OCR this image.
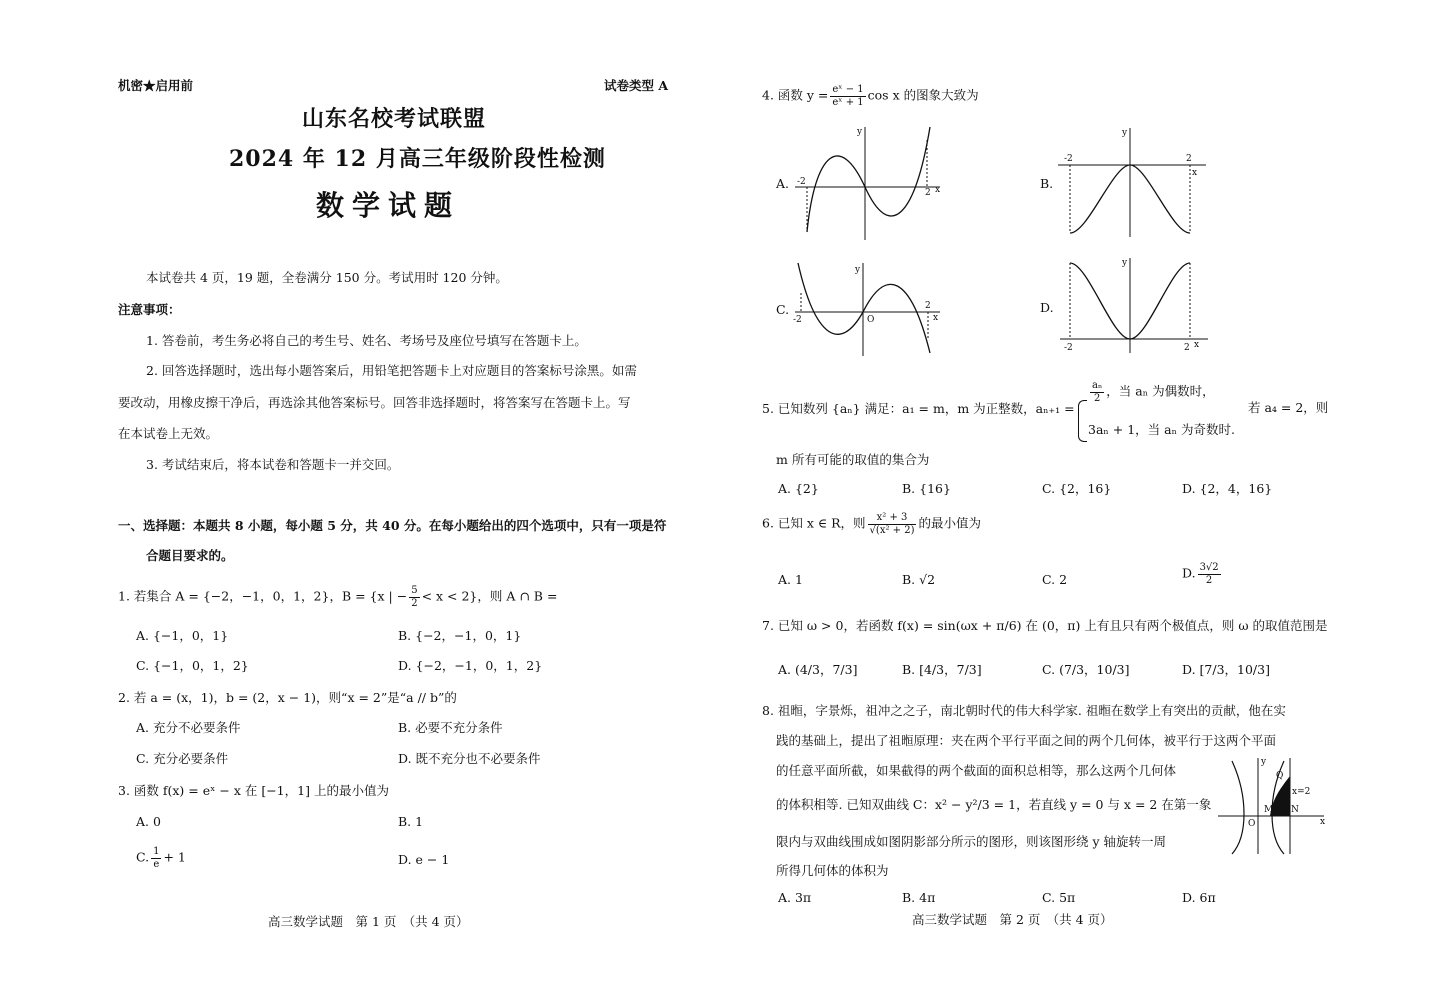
机密★启用前	试卷类型 A
山东名校考试联盟
2024 年 12 月高三年级阶段性检测
数学试题
本试卷共 4 页，19 题，全卷满分 150 分。考试用时 120 分钟。
注意事项：
1. 答卷前，考生务必将自己的考生号、姓名、考场号及座位号填写在答题卡上。
2. 回答选择题时，选出每小题答案后，用铅笔把答题卡上对应题目的答案标号涂黑。如需
要改动，用橡皮擦干净后，再选涂其他答案标号。回答非选择题时，将答案写在答题卡上。写
在本试卷上无效。
3. 考试结束后，将本试卷和答题卡一并交回。
一、选择题：本题共 8 小题，每小题 5 分，共 40 分。在每小题给出的四个选项中，只有一项是符
合题目要求的。
1. 若集合 A = {−2，−1，0，1，2}，B = {x | − $\frac{5}{2} < x < 2$}，则 A ∩ B =
A. {−1，0，1}	B. {−2，−1，0，1}
C. {−1，0，1，2}	D. {−2，−1，0，1，2}
2. 若 a = (x，1)，b = (2，x − 1)，则“x = 2”是“a // b”的
A. 充分不必要条件	B. 必要不充分条件
C. 充分必要条件	D. 既不充分也不必要条件
3. 函数 f(x) = eˣ − x 在 [−1，1] 上的最小值为
A. 0	B. 1
C. $\frac{1}{e} + 1$	D. e − 1
高三数学试题　第 1 页　（共 4 页）
4. 函数 $y = \frac{\text{eˣ − 1}}{\text{eˣ + 1}}$ cos x 的图象大致为
A. -2
2 x
y
B.
-2	2
x
y
C.
-2
2
O	x
y
D.
-2	2 x
y
5. 已知数列 {aₙ} 满足：a₁ = m，m 为正整数，aₙ₊₁ =
$\frac{\text{aₙ}}{2}$ ，当 aₙ 为偶数时，
3aₙ + 1，当 aₙ 为奇数时.
若 a₄ = 2，则
m 所有可能的取值的集合为
A. {2}	B. {16}	C. {2，16}	D. {2，4，16}
6. 已知 x ∈ R，则 $\frac{\text{x² + 3}}{\text{√(x² + 2)}}$ 的最小值为
A. 1	B. √2	C. 2	D. $\frac{3√2}{2}$
7. 已知 ω > 0，若函数 f(x) = sin(ωx + π/6) 在 (0，π) 上有且只有两个极值点，则 ω 的取值范围是
A. (4/3，7/3]	B. [4/3，7/3]	C. (7/3，10/3]	D. [7/3，10/3]
8. 祖暅，字景烁，祖冲之之子，南北朝时代的伟大科学家. 祖暅在数学上有突出的贡献，他在实
践的基础上，提出了祖暅原理：夹在两个平行平面之间的两个几何体，被平行于这两个平面
的任意平面所截，如果截得的两个截面的面积总相等，那么这两个几何体
的体积相等. 已知双曲线 C：x² − y²/3 = 1，若直线 y = 0 与 x = 2 在第一象
限内与双曲线围成如图阴影部分所示的图形，则该图形绕 y 轴旋转一周
所得几何体的体积为
Q
M N
O	x
y
x=2
A. 3π	B. 4π	C. 5π	D. 6π
高三数学试题　第 2 页　（共 4 页）
